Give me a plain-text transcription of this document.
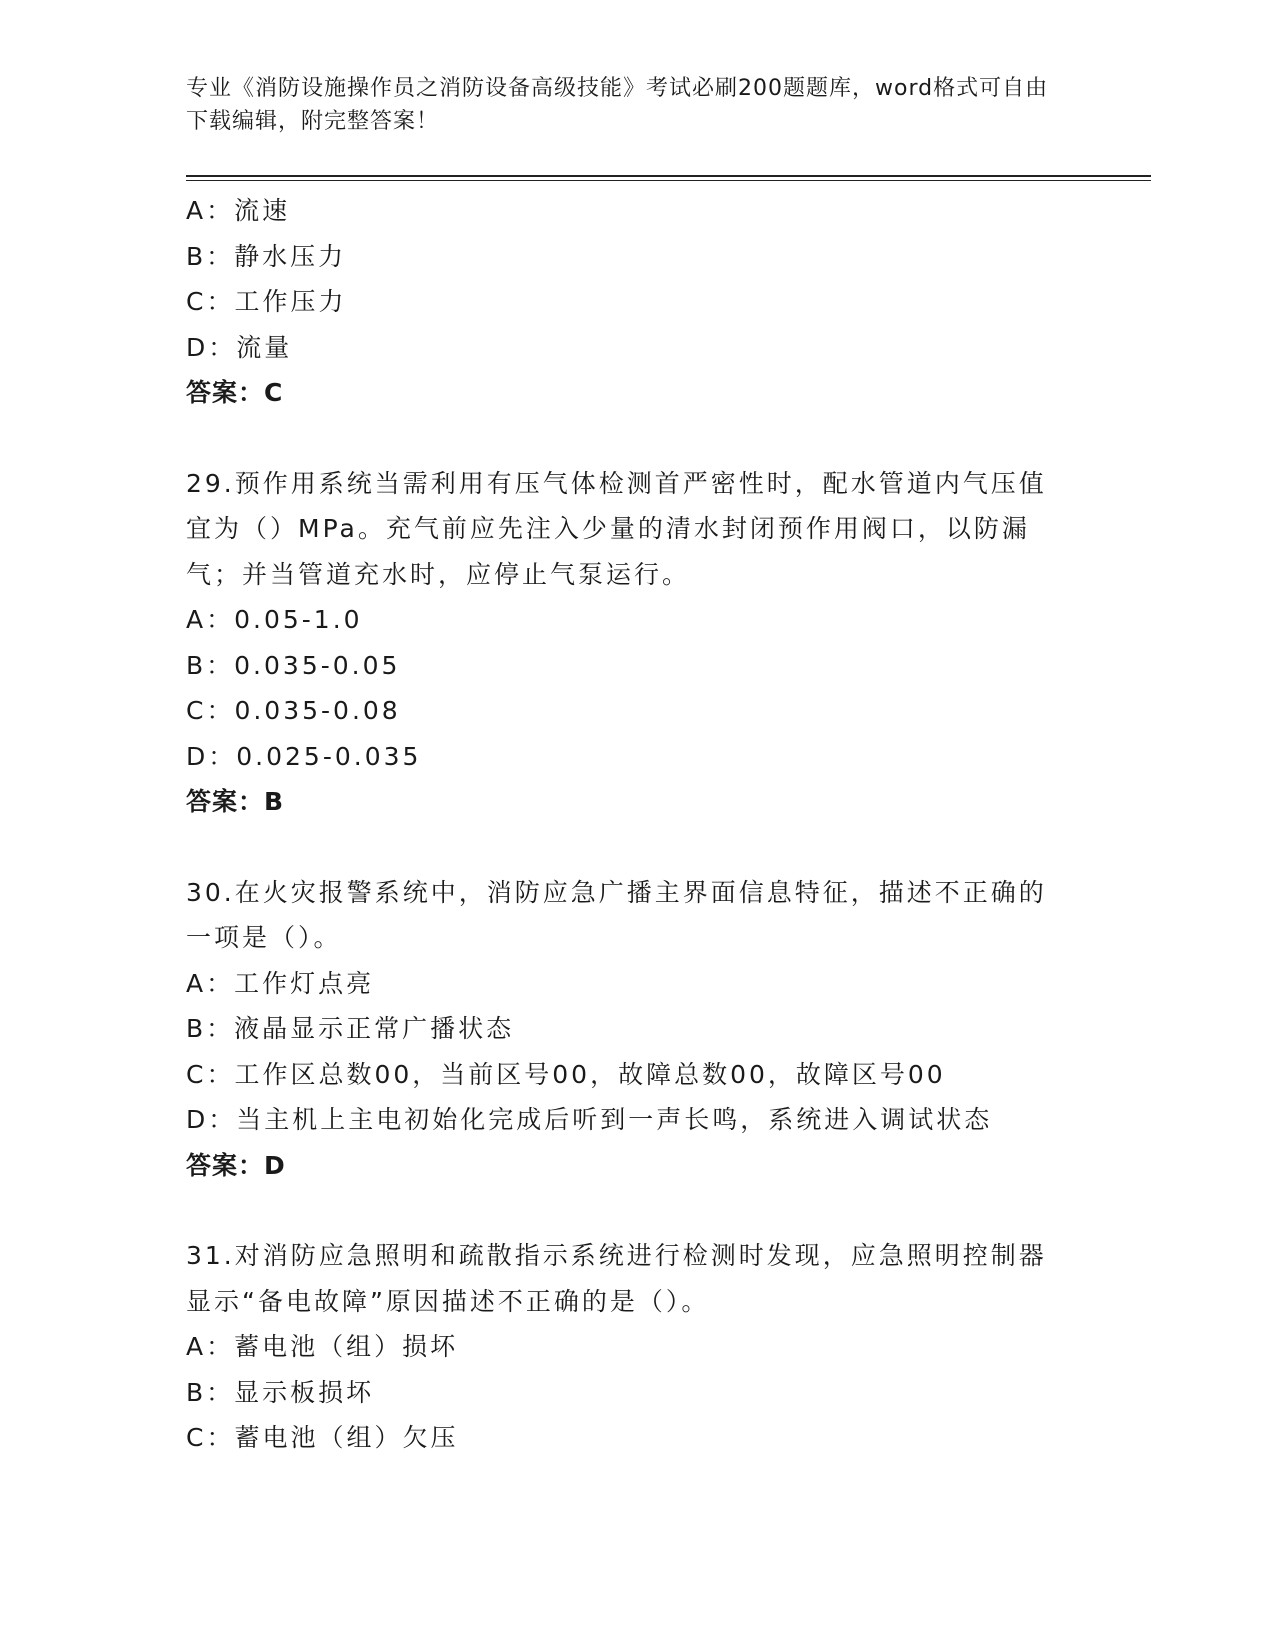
专业《消防设施操作员之消防设备高级技能》考试必刷200题题库，word格式可自由下载编辑，附完整答案！
A：流速
B：静水压力
C：工作压力
D：流量
答案：C
29.预作用系统当需利用有压气体检测首严密性时，配水管道内气压值宜为（）MPa。充气前应先注入少量的清水封闭预作用阀口，以防漏气；并当管道充水时，应停止气泵运行。
A：0.05-1.0
B：0.035-0.05
C：0.035-0.08
D：0.025-0.035
答案：B
30.在火灾报警系统中，消防应急广播主界面信息特征，描述不正确的一项是（）。
A：工作灯点亮
B：液晶显示正常广播状态
C：工作区总数00，当前区号00，故障总数00，故障区号00
D：当主机上主电初始化完成后听到一声长鸣，系统进入调试状态
答案：D
31.对消防应急照明和疏散指示系统进行检测时发现，应急照明控制器显示“备电故障”原因描述不正确的是（）。
A：蓄电池（组）损坏
B：显示板损坏
C：蓄电池（组）欠压
